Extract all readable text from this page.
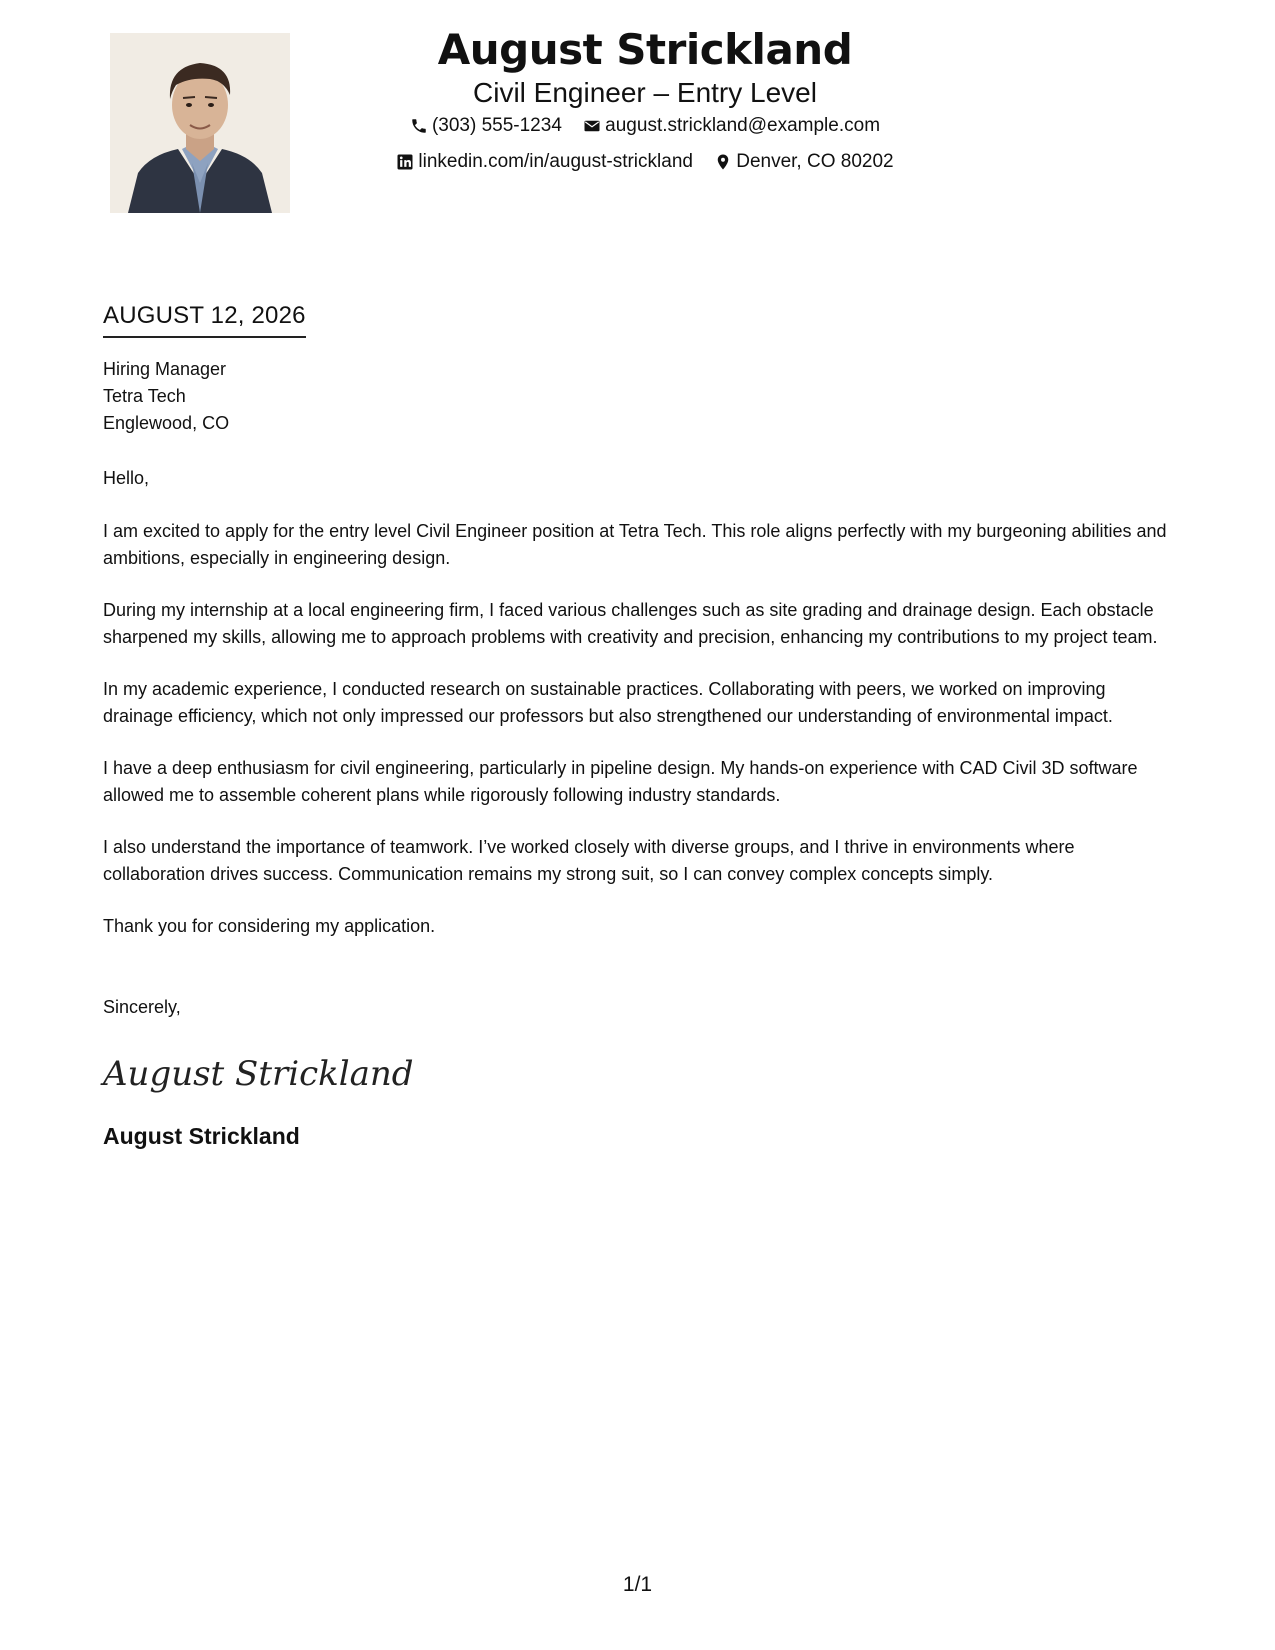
August Strickland
Civil Engineer – Entry Level
(303) 555-1234
august.strickland@example.com
linkedin.com/in/august-strickland
Denver, CO 80202
AUGUST 12, 2026
Hiring Manager
Tetra Tech
Englewood, CO
Hello,
I am excited to apply for the entry level Civil Engineer position at Tetra Tech. This role aligns perfectly with my burgeoning abilities and ambitions, especially in engineering design.
During my internship at a local engineering firm, I faced various challenges such as site grading and drainage design. Each obstacle sharpened my skills, allowing me to approach problems with creativity and precision, enhancing my contributions to my project team.
In my academic experience, I conducted research on sustainable practices. Collaborating with peers, we worked on improving drainage efficiency, which not only impressed our professors but also strengthened our understanding of environmental impact.
I have a deep enthusiasm for civil engineering, particularly in pipeline design. My hands-on experience with CAD Civil 3D software allowed me to assemble coherent plans while rigorously following industry standards.
I also understand the importance of teamwork. I’ve worked closely with diverse groups, and I thrive in environments where collaboration drives success. Communication remains my strong suit, so I can convey complex concepts simply.
Thank you for considering my application.
Sincerely,
August Strickland
August Strickland
1/1
